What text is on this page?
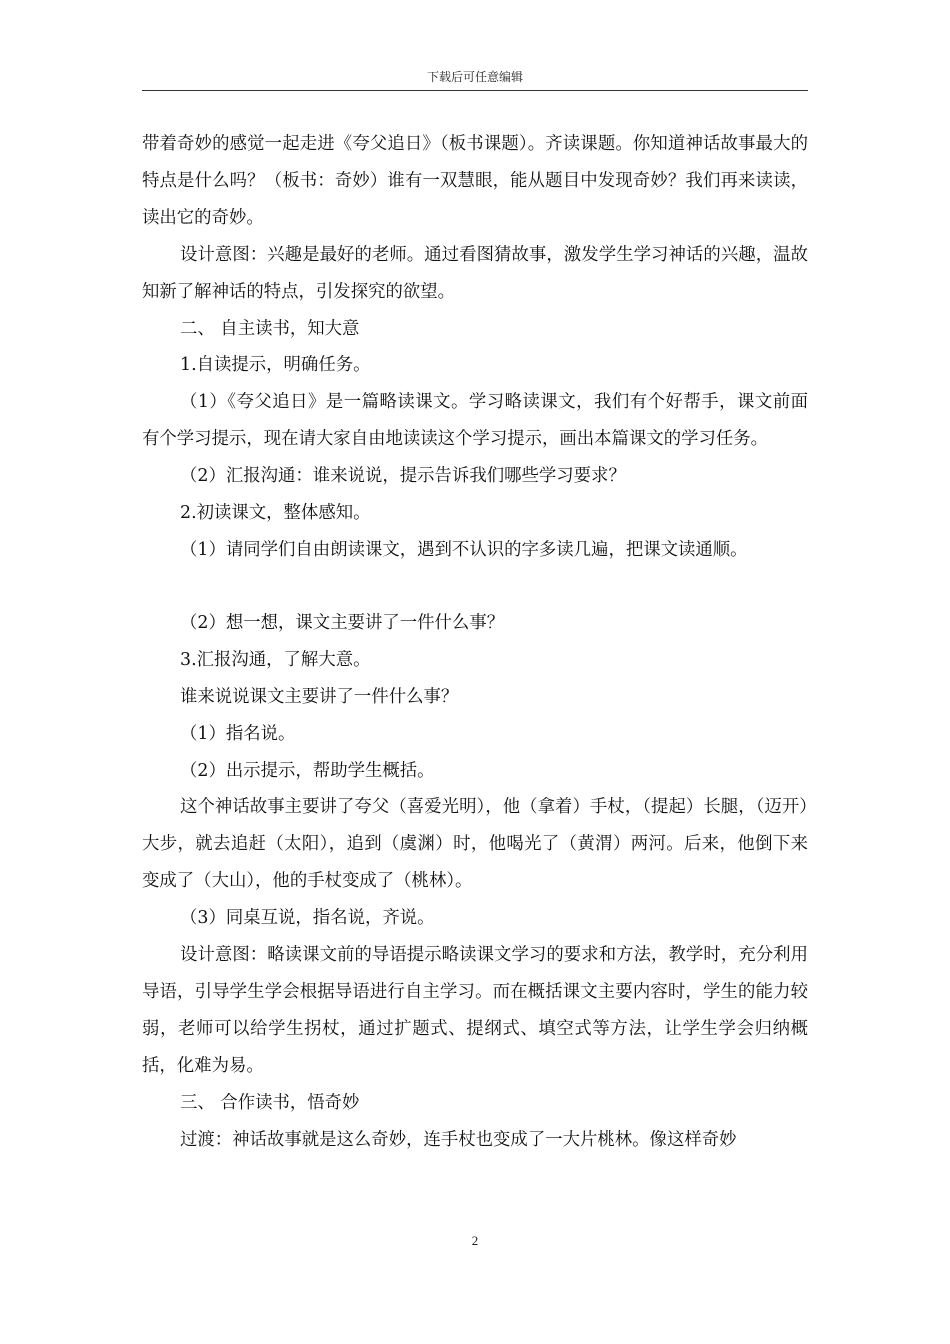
下载后可任意编辑

带着奇妙的感觉一起走进《夸父追日》（板书课题）。齐读课题。你知道神话故事最大的特点是什么吗？（板书：奇妙）谁有一双慧眼，能从题目中发现奇妙？我们再来读读，读出它的奇妙。

设计意图：兴趣是最好的老师。通过看图猜故事，激发学生学习神话的兴趣，温故知新了解神话的特点，引发探究的欲望。

二、 自主读书，知大意

1.自读提示，明确任务。

（1）《夸父追日》是一篇略读课文。学习略读课文，我们有个好帮手，课文前面有个学习提示，现在请大家自由地读读这个学习提示，画出本篇课文的学习任务。

（2）汇报沟通：谁来说说，提示告诉我们哪些学习要求？

2.初读课文，整体感知。

（1）请同学们自由朗读课文，遇到不认识的字多读几遍，把课文读通顺。

（2）想一想，课文主要讲了一件什么事？

3.汇报沟通，了解大意。

谁来说说课文主要讲了一件什么事？

（1）指名说。

（2）出示提示，帮助学生概括。

这个神话故事主要讲了夸父（喜爱光明），他（拿着）手杖，（提起）长腿，（迈开）大步，就去追赶（太阳），追到（虞渊）时，他喝光了（黄渭）两河。后来，他倒下来变成了（大山），他的手杖变成了（桃林）。

（3）同桌互说，指名说，齐说。

设计意图：略读课文前的导语提示略读课文学习的要求和方法，教学时，充分利用导语，引导学生学会根据导语进行自主学习。而在概括课文主要内容时，学生的能力较弱，老师可以给学生拐杖，通过扩题式、提纲式、填空式等方法，让学生学会归纳概括，化难为易。

三、 合作读书，悟奇妙

过渡：神话故事就是这么奇妙，连手杖也变成了一大片桃林。像这样奇妙

2
